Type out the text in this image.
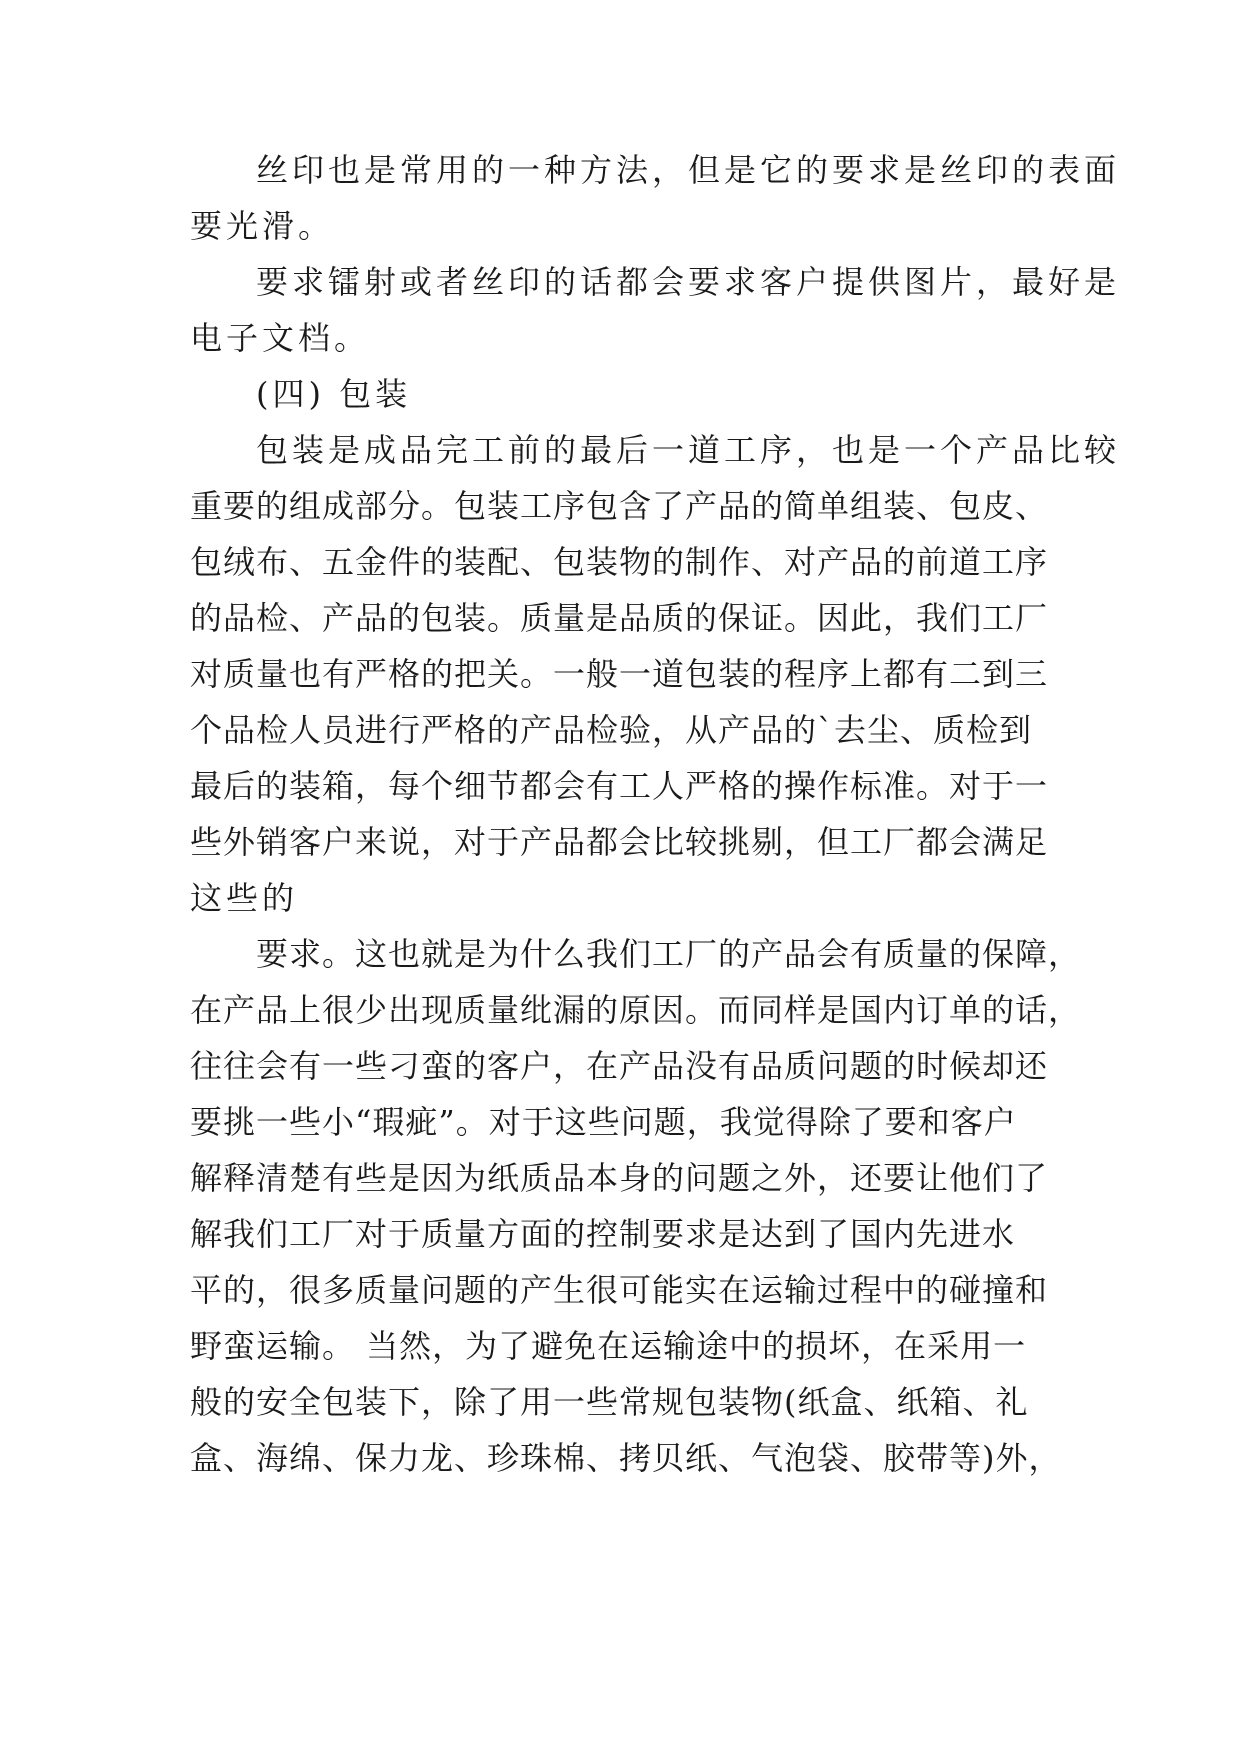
丝印也是常用的一种方法，但是它的要求是丝印的表面
要光滑。
要求镭射或者丝印的话都会要求客户提供图片，最好是
电子文档。
(四) 包装
包装是成品完工前的最后一道工序，也是一个产品比较
重要的组成部分。包装工序包含了产品的简单组装、包皮、
包绒布、五金件的装配、包装物的制作、对产品的前道工序
的品检、产品的包装。质量是品质的保证。因此，我们工厂
对质量也有严格的把关。一般一道包装的程序上都有二到三
个品检人员进行严格的产品检验，从产品的`去尘、质检到
最后的装箱，每个细节都会有工人严格的操作标准。对于一
些外销客户来说，对于产品都会比较挑剔，但工厂都会满足
这些的
要求。这也就是为什么我们工厂的产品会有质量的保障，
在产品上很少出现质量纰漏的原因。而同样是国内订单的话，
往往会有一些刁蛮的客户，在产品没有品质问题的时候却还
要挑一些小“瑕疵”。对于这些问题，我觉得除了要和客户
解释清楚有些是因为纸质品本身的问题之外，还要让他们了
解我们工厂对于质量方面的控制要求是达到了国内先进水
平的，很多质量问题的产生很可能实在运输过程中的碰撞和
野蛮运输。 当然，为了避免在运输途中的损坏，在采用一
般的安全包装下，除了用一些常规包装物(纸盒、纸箱、礼
盒、海绵、保力龙、珍珠棉、拷贝纸、气泡袋、胶带等)外，
